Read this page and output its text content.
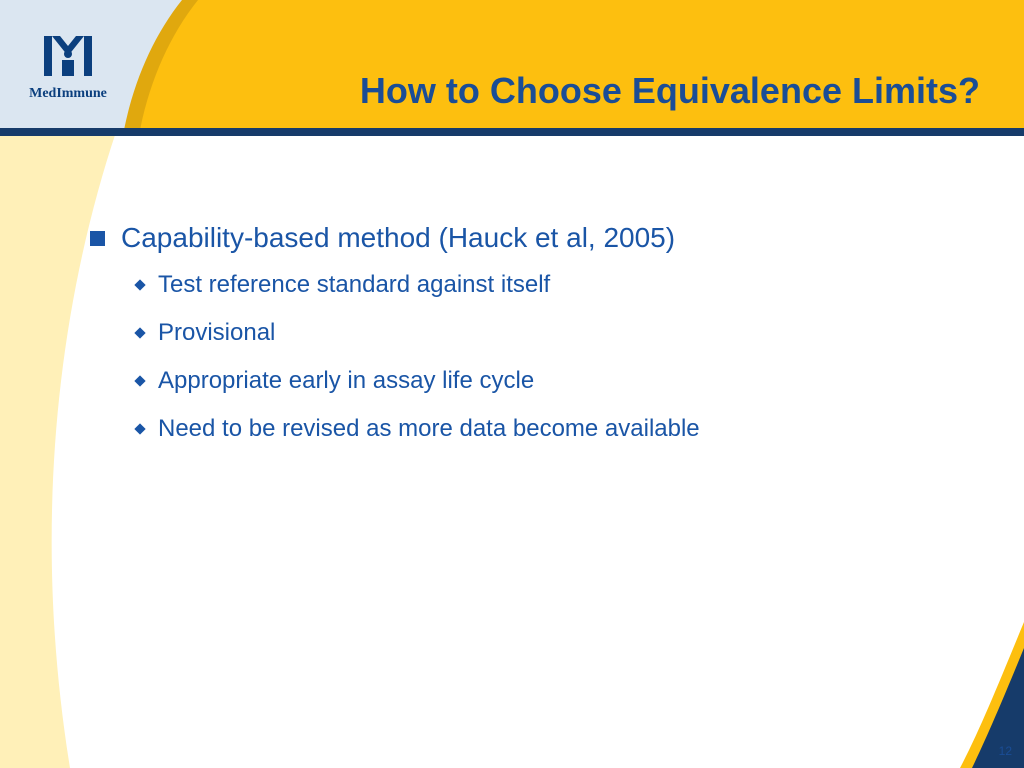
MedImmune	How to Choose Equivalence Limits?
Capability-based method (Hauck et al, 2005)
Test reference standard against itself
Provisional
Appropriate early in assay life cycle
Need to be revised as more data become available
12
